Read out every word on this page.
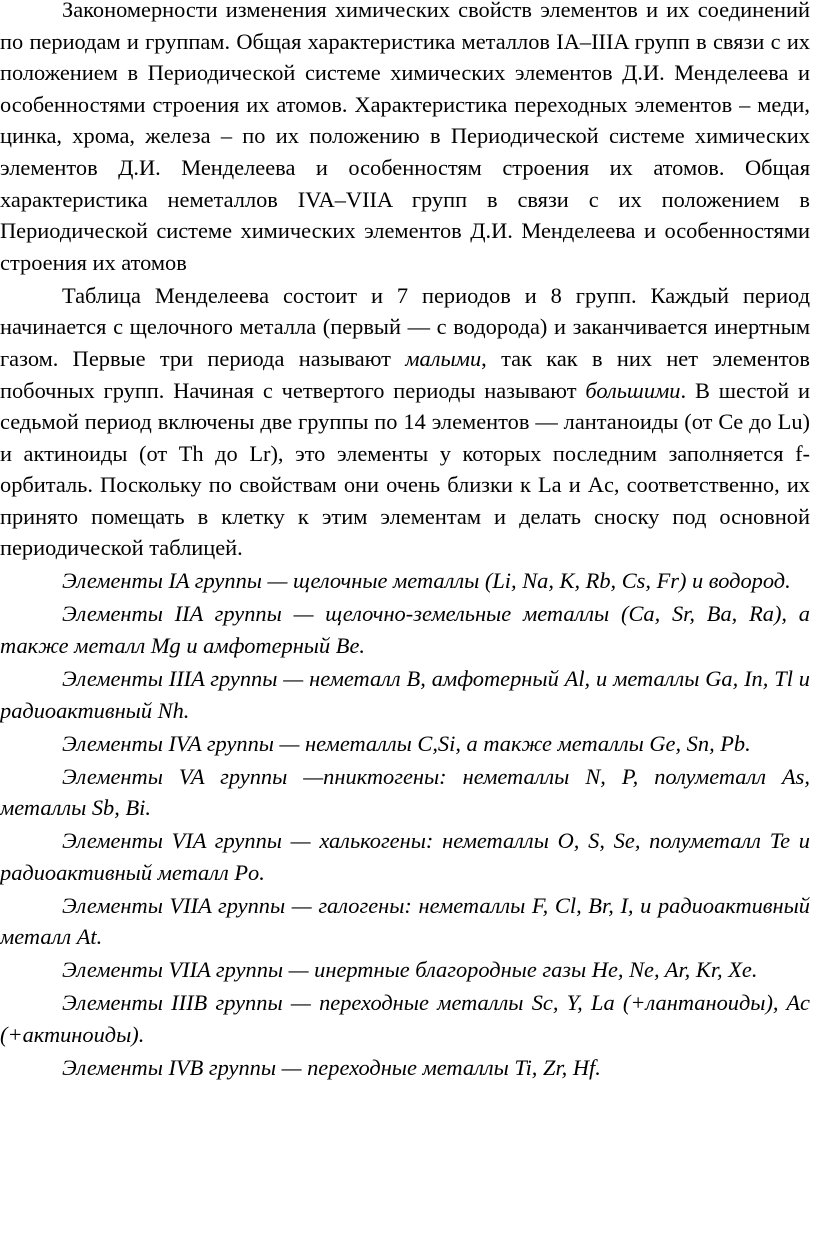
Закономерности изменения химических свойств элементов и их соединений по периодам и группам. Общая характеристика металлов IA–IIIA групп в связи с их положением в Периодической системе химических элементов Д.И. Менделеева и особенностями строения их атомов. Характеристика переходных элементов – меди, цинка, хрома, железа – по их положению в Периодической системе химических элементов Д.И. Менделеева и особенностям строения их атомов. Общая характеристика неметаллов IVA–VIIA групп в связи с их положением в Периодической системе химических элементов Д.И. Менделеева и особенностями строения их атомов

Таблица Менделеева состоит и 7 периодов и 8 групп. Каждый период начинается с щелочного металла (первый — с водорода) и заканчивается инертным газом. Первые три периода называют малыми, так как в них нет элементов побочных групп. Начиная с четвертого периоды называют большими. В шестой и седьмой период включены две группы по 14 элементов — лантаноиды (от Ce до Lu) и актиноиды (от Th до Lr), это элементы у которых последним заполняется f-орбиталь. Поскольку по свойствам они очень близки к La и Ac, соответственно, их принято помещать в клетку к этим элементам и делать сноску под основной периодической таблицей.

Элементы IA группы — щелочные металлы (Li, Na, K, Rb, Cs, Fr) и водород.

Элементы IIA группы — щелочно-земельные металлы (Ca, Sr, Ba, Ra), а также металл Mg и амфотерный Be.

Элементы IIIA группы — неметалл B, амфотерный Al, и металлы Ga, In, Tl и радиоактивный Nh.

Элементы IVA группы — неметаллы C,Si, а также металлы Ge, Sn, Pb.

Элементы VA группы —пниктогены: неметаллы N, P, полуметалл As, металлы Sb, Bi.

Элементы VIA группы — халькогены: неметаллы O, S, Se, полуметалл Te и радиоактивный металл Po.

Элементы VIIA группы — галогены: неметаллы F, Cl, Br, I, и радиоактивный металл At.

Элементы VIIA группы — инертные благородные газы He, Ne, Ar, Kr, Xe.

Элементы IIIB группы — переходные металлы Sc, Y, La (+лантаноиды), Ac (+актиноиды).

Элементы IVB группы — переходные металлы Ti, Zr, Hf.
